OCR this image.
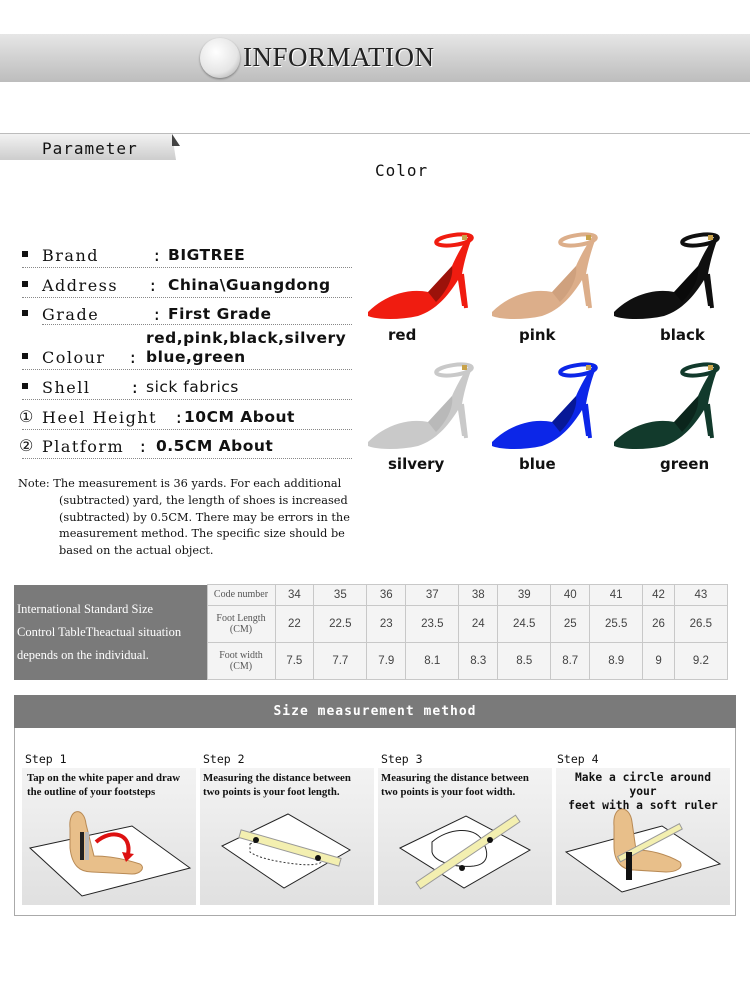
INFORMATION
Parameter
Color
Brand	: BIGTREE
Address : China\Guangdong
Grade	: First Grade
red,pink,black,silvery
Colour : blue,green
Shell : sick fabrics
① Heel Height : 10CM About
② Platform : 0.5CM About
Note: The measurement is 36 yards. For each additional

(subtracted) yard, the length of shoes is increased
(subtracted) by 0.5CM. There may be errors in the
measurement method. The specific size should be
based on the actual object.
red	pink	black
silvery	blue	green
International Standard Size
Control TableTheactual situation
depends on the individual.	Code number	34	35	36	37	38	39	40	41	42	43
	Foot Length (CM)	22	22.5	23	23.5	24	24.5	25	25.5	26	26.5
	Foot width (CM)	7.5	7.7	7.9	8.1	8.3	8.5	8.7	8.9	9	9.2
Size measurement method
Step 1	Step 2	Step 3	Step 4
Tap on the white paper and draw
the outline of your footsteps
Measuring the distance between
two points is your foot length.
Measuring the distance between
two points is your foot width.
Make a circle around your
feet with a soft ruler
